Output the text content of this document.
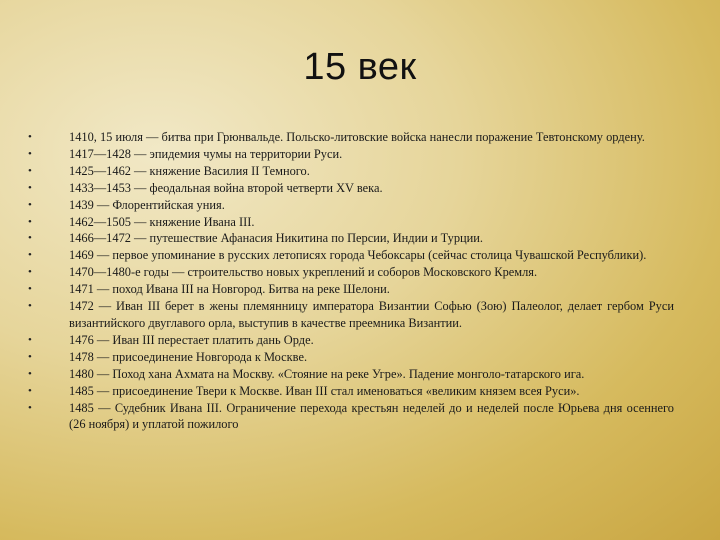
15 век
•	1410, 15 июля — битва при Грюнвальде. Польско-литовские войска нанесли поражение Тевтонскому ордену.
•	1417—1428 — эпидемия чумы на территории Руси.
•	1425—1462 — княжение Василия II Темного.
•	1433—1453 — феодальная война второй четверти XV века.
•	1439 — Флорентийская уния.
•	1462—1505 — княжение Ивана III.
•	1466—1472 — путешествие Афанасия Никитина по Персии, Индии и Турции.
•	1469 — первое упоминание в русских летописях города Чебоксары (сейчас столица Чувашской Республики).
•	1470—1480-е годы — строительство новых укреплений и соборов Московского Кремля.
•	1471 — поход Ивана III на Новгород. Битва на реке Шелони.
•	1472 — Иван III берет в жены племянницу императора Византии Софью (Зою) Палеолог, делает гербом Руси византийского двуглавого орла, выступив в качестве преемника Византии.
•	1476 — Иван III перестает платить дань Орде.
•	1478 — присоединение Новгорода к Москве.
•	1480 — Поход хана Ахмата на Москву. «Стояние на реке Угре». Падение монголо-татарского ига.
•	1485 — присоединение Твери к Москве. Иван III стал именоваться «великим князем всея Руси».
•	1485 — Судебник Ивана III. Ограничение перехода крестьян неделей до и неделей после Юрьева дня осеннего (26 ноября) и уплатой пожилого
